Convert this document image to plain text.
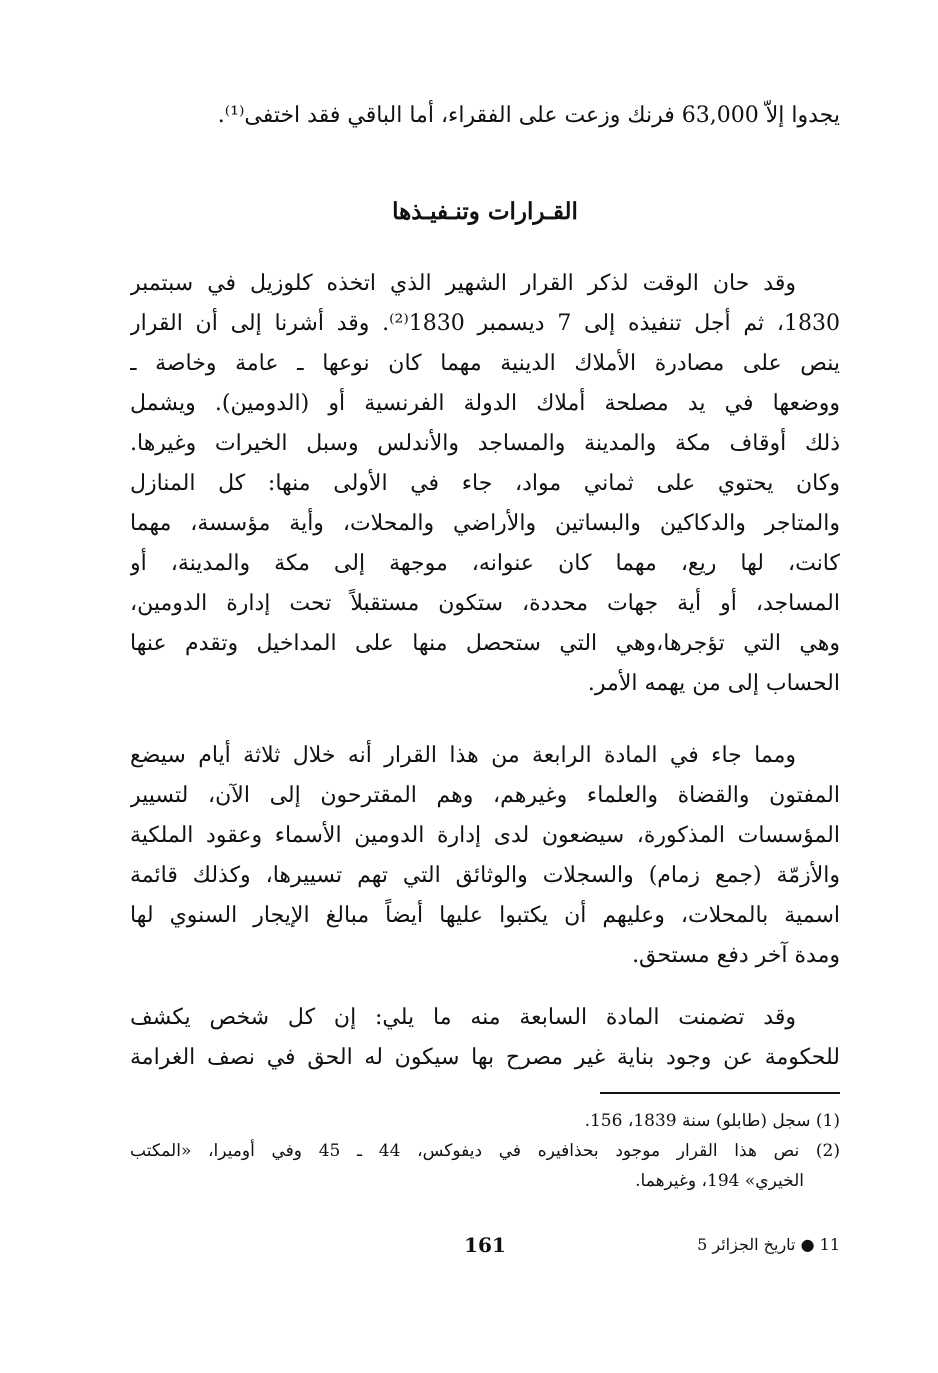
يجدوا إلاّ 63,000 فرنك وزعت على الفقراء، أما الباقي فقد اختفى⁽¹⁾.
القـرارات وتنـفيـذها
وقد حان الوقت لذكر القرار الشهير الذي اتخذه كلوزيل في سبتمبر
1830، ثم أجل تنفيذه إلى 7 ديسمبر 1830⁽²⁾. وقد أشرنا إلى أن القرار
ينص على مصادرة الأملاك الدينية مهما كان نوعها ـ عامة وخاصة ـ
ووضعها في يد مصلحة أملاك الدولة الفرنسية أو (الدومين). ويشمل
ذلك أوقاف مكة والمدينة والمساجد والأندلس وسبل الخيرات وغيرها.
وكان يحتوي على ثماني مواد، جاء في الأولى منها: كل المنازل
والمتاجر والدكاكين والبساتين والأراضي والمحلات، وأية مؤسسة، مهما
كانت، لها ريع، مهما كان عنوانه، موجهة إلى مكة والمدينة، أو
المساجد، أو أية جهات محددة، ستكون مستقبلاً تحت إدارة الدومين،
وهي التي تؤجرها،وهي التي ستحصل منها على المداخيل وتقدم عنها
الحساب إلى من يهمه الأمر.
ومما جاء في المادة الرابعة من هذا القرار أنه خلال ثلاثة أيام سيضع
المفتون والقضاة والعلماء وغيرهم، وهم المقترحون إلى الآن، لتسيير
المؤسسات المذكورة، سيضعون لدى إدارة الدومين الأسماء وعقود الملكية
والأزمّة (جمع زمام) والسجلات والوثائق التي تهم تسييرها، وكذلك قائمة
اسمية بالمحلات، وعليهم أن يكتبوا عليها أيضاً مبالغ الإيجار السنوي لها
ومدة آخر دفع مستحق.
وقد تضمنت المادة السابعة منه ما يلي: إن كل شخص يكشف
للحكومة عن وجود بناية غير مصرح بها سيكون له الحق في نصف الغرامة
(1) سجل (طابلو) سنة 1839، 156.
(2) نص هذا القرار موجود بحذافيره في ديفوكس، 44 ـ 45 وفي أوميرا، «المكتب
الخيري» 194، وغيرهما.
11 ● تاريخ الجزائر 5
161
